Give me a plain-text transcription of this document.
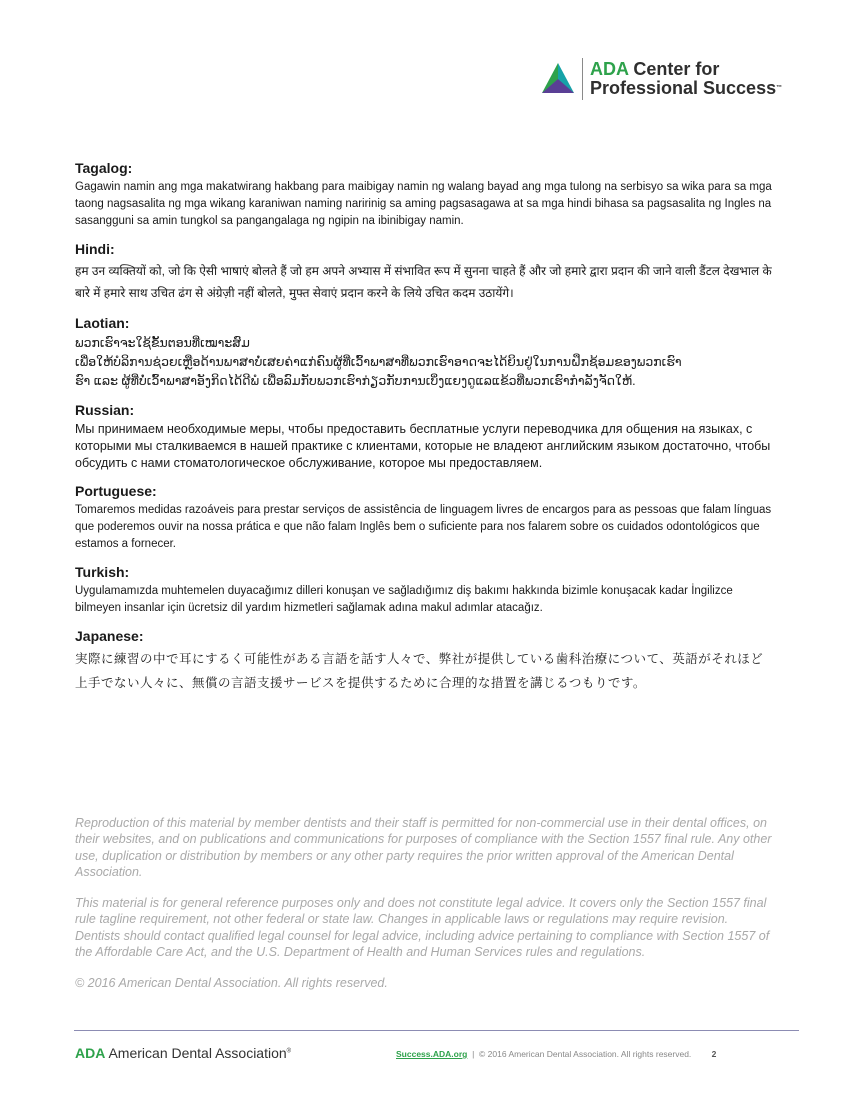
ADA Center for
Professional Success™

Tagalog:

Gagawin namin ang mga makatwirang hakbang para maibigay namin ng walang bayad ang mga tulong na serbisyo sa wika para sa mga taong nagsasalita ng mga wikang karaniwan naming naririnig sa aming pagsasagawa at sa mga hindi bihasa sa pagsasalita ng Ingles na sasangguni sa amin tungkol sa pangangalaga ng ngipin na ibinibigay namin.

Hindi:

हम उन व्यक्तियों को, जो कि ऐसी भाषाएं बोलते हैं जो हम अपने अभ्यास में संभावित रूप में सुनना चाहते हैं और जो हमारे द्वारा प्रदान की जाने वाली डैंटल देखभाल के बारे में हमारे साथ उचित ढंग से अंग्रेज़ी नहीं बोलते, मुफ्त सेवाएं प्रदान करने के लिये उचित कदम उठायेंगे।

Laotian:

ພວກເຮົາຈະໃຊ້ຂັ້ນຕອນທີ່ເໝາະສົມ

ເພື່ອໃຫ້ບໍລິການຊ່ວຍເຫຼືອດ້ານພາສາບໍ່ເສຍຄ່າແກ່ຄົນຜູ້ທີ່ເວົ້າພາສາທີ່ພວກເຮົາອາດຈະໄດ້ຍິນຢູ່ໃນການຝຶກຊ້ອມຂອງພວກເຮົາ

ຮົາ ແລະ ຜູ້ທີ່ບໍ່ເວົ້າພາສາອັງກິດໄດ້ດີພໍ ເພື່ອລົມກັບພວກເຮົາກ່ຽວກັບການເບິ່ງແຍງດູແລແຂ້ວທີ່ພວກເຮົາກຳລັງຈັດໃຫ້.

Russian:

Мы принимаем необходимые меры, чтобы предоставить бесплатные услуги переводчика для общения на языках, с которыми мы сталкиваемся в нашей практике с клиентами, которые не владеют английским языком достаточно, чтобы обсудить с нами стоматологическое обслуживание, которое мы предоставляем.

Portuguese:

Tomaremos medidas razoáveis para prestar serviços de assistência de linguagem livres de encargos para as pessoas que falam línguas que poderemos ouvir na nossa prática e que não falam Inglês bem o suficiente para nos falarem sobre os cuidados odontológicos que estamos a fornecer.

Turkish:

Uygulamamızda muhtemelen duyacağımız dilleri konuşan ve sağladığımız diş bakımı hakkında bizimle konuşacak kadar İngilizce bilmeyen insanlar için ücretsiz dil yardım hizmetleri sağlamak adına makul adımlar atacağız.

Japanese:

実際に練習の中で耳にするく可能性がある言語を話す人々で、弊社が提供している歯科治療について、英語がそれほど上手でない人々に、無償の言語支援サービスを提供するために合理的な措置を講じるつもりです。

Reproduction of this material by member dentists and their staff is permitted for non-commercial use in their dental offices, on their websites, and on publications and communications for purposes of compliance with the Section 1557 final rule. Any other use, duplication or distribution by members or any other party requires the prior written approval of the American Dental Association.

This material is for general reference purposes only and does not constitute legal advice. It covers only the Section 1557 final rule tagline requirement, not other federal or state law. Changes in applicable laws or regulations may require revision. Dentists should contact qualified legal counsel for legal advice, including advice pertaining to compliance with Section 1557 of the Affordable Care Act, and the U.S. Department of Health and Human Services rules and regulations.

© 2016 American Dental Association. All rights reserved.

ADA American Dental Association®	Success.ADA.org | © 2016 American Dental Association. All rights reserved. 2
